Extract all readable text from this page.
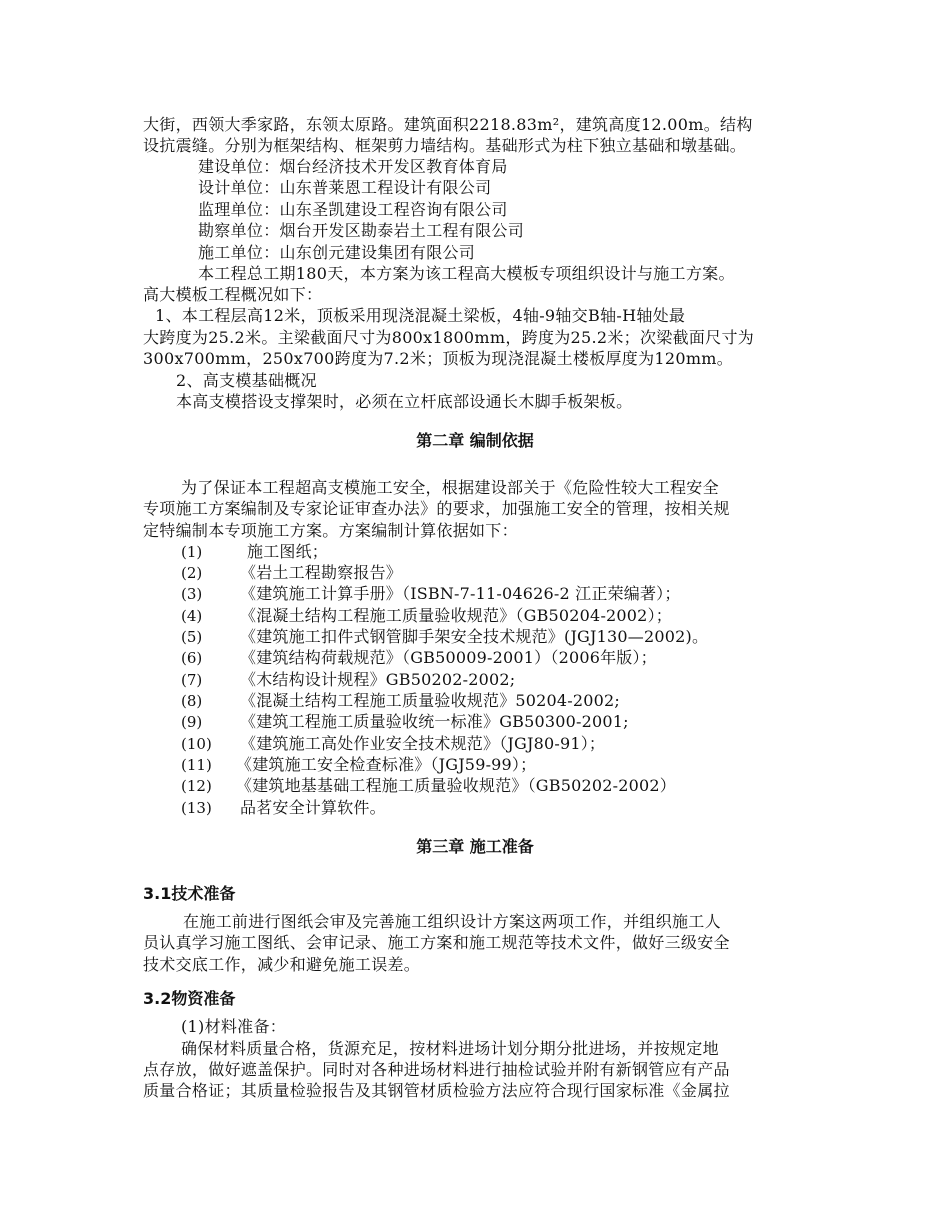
大街，西领大季家路，东领太原路。建筑面积2218.83m²，建筑高度12.00m。结构
设抗震缝。分别为框架结构、框架剪力墙结构。基础形式为柱下独立基础和墩基础。
建设单位：烟台经济技术开发区教育体育局
设计单位：山东普莱恩工程设计有限公司
监理单位：山东圣凯建设工程咨询有限公司
勘察单位：烟台开发区勘泰岩土工程有限公司
施工单位：山东创元建设集团有限公司
本工程总工期180天，本方案为该工程高大模板专项组织设计与施工方案。
高大模板工程概况如下：
1、本工程层高12米，顶板采用现浇混凝土梁板，4轴-9轴交B轴-H轴处最
大跨度为25.2米。主梁截面尺寸为800x1800mm，跨度为25.2米；次梁截面尺寸为
300x700mm，250x700跨度为7.2米；顶板为现浇混凝土楼板厚度为120mm。
2、高支模基础概况
本高支模搭设支撑架时，必须在立杆底部设通长木脚手板架板。
第二章 编制依据
为了保证本工程超高支模施工安全，根据建设部关于《危险性较大工程安全
专项施工方案编制及专家论证审查办法》的要求，加强施工安全的管理，按相关规
定特编制本专项施工方案。方案编制计算依据如下：
(1)	施工图纸；
(2) 《岩土工程勘察报告》
(3) 《建筑施工计算手册》（ISBN-7-11-04626-2 江正荣编著）；
(4) 《混凝土结构工程施工质量验收规范》（GB50204-2002）；
(5) 《建筑施工扣件式钢管脚手架安全技术规范》(JGJ130—2002)。
(6) 《建筑结构荷载规范》（GB50009-2001）（2006年版）；
(7) 《木结构设计规程》GB50202-2002;
(8) 《混凝土结构工程施工质量验收规范》50204-2002;
(9) 《建筑工程施工质量验收统一标准》GB50300-2001;
(10) 《建筑施工高处作业安全技术规范》（JGJ80-91）；
(11) 《建筑施工安全检查标准》（JGJ59-99）；
(12) 《建筑地基基础工程施工质量验收规范》（GB50202-2002）
(13) 品茗安全计算软件。
第三章 施工准备
3.1技术准备
在施工前进行图纸会审及完善施工组织设计方案这两项工作，并组织施工人
员认真学习施工图纸、会审记录、施工方案和施工规范等技术文件，做好三级安全
技术交底工作，减少和避免施工误差。
3.2物资准备
(1)材料准备：
确保材料质量合格，货源充足，按材料进场计划分期分批进场，并按规定地
点存放，做好遮盖保护。同时对各种进场材料进行抽检试验并附有新钢管应有产品
质量合格证；其质量检验报告及其钢管材质检验方法应符合现行国家标准《金属拉
